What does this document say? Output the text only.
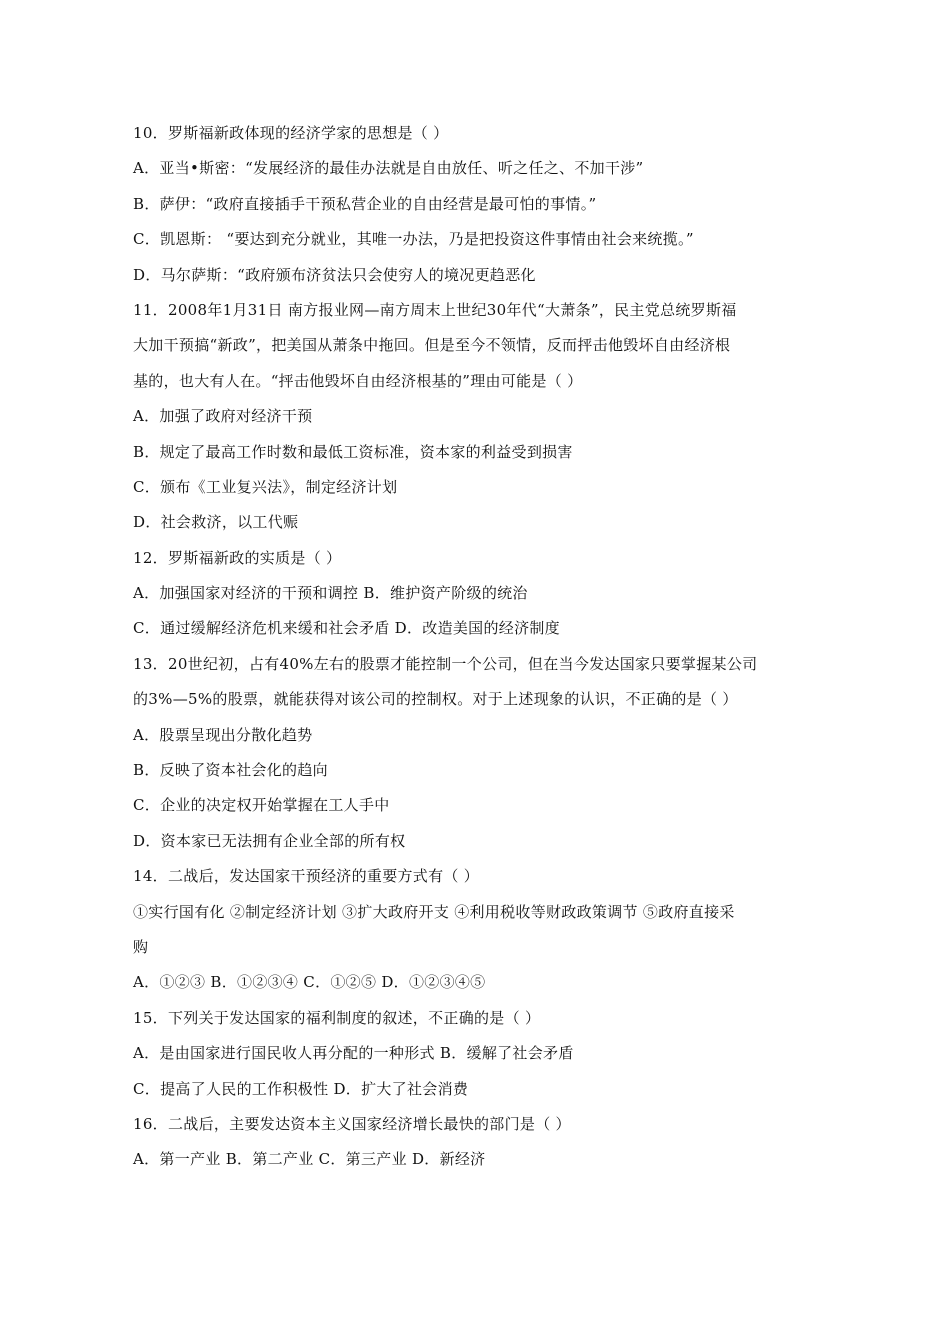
10．罗斯福新政体现的经济学家的思想是（ ）

A．亚当•斯密：“发展经济的最佳办法就是自由放任、听之任之、不加干涉”

B．萨伊：“政府直接插手干预私营企业的自由经营是最可怕的事情。”

C．凯恩斯： “要达到充分就业，其唯一办法，乃是把投资这件事情由社会来统揽。”

D．马尔萨斯：“政府颁布济贫法只会使穷人的境况更趋恶化

11．2008年1月31日 南方报业网—南方周末上世纪30年代“大萧条”，民主党总统罗斯福

大加干预搞“新政”，把美国从萧条中拖回。但是至今不领情，反而抨击他毁坏自由经济根

基的，也大有人在。“抨击他毁坏自由经济根基的”理由可能是（ ）

A．加强了政府对经济干预

B．规定了最高工作时数和最低工资标准，资本家的利益受到损害

C．颁布《工业复兴法》，制定经济计划

D．社会救济，以工代赈

12．罗斯福新政的实质是（ ）

A．加强国家对经济的干预和调控 B．维护资产阶级的统治

C．通过缓解经济危机来缓和社会矛盾 D．改造美国的经济制度

13．20世纪初，占有40%左右的股票才能控制一个公司，但在当今发达国家只要掌握某公司

的3%—5%的股票，就能获得对该公司的控制权。对于上述现象的认识，不正确的是（ ）

A．股票呈现出分散化趋势

B．反映了资本社会化的趋向

C．企业的决定权开始掌握在工人手中

D．资本家已无法拥有企业全部的所有权

14．二战后，发达国家干预经济的重要方式有（ ）

①实行国有化 ②制定经济计划 ③扩大政府开支 ④利用税收等财政政策调节 ⑤政府直接采

购

A．①②③ B．①②③④ C．①②⑤ D．①②③④⑤

15．下列关于发达国家的福利制度的叙述，不正确的是（ ）

A．是由国家进行国民收人再分配的一种形式 B．缓解了社会矛盾

C．提高了人民的工作积极性 D．扩大了社会消费

16．二战后，主要发达资本主义国家经济增长最快的部门是（ ）

A．第一产业 B．第二产业 C．第三产业 D．新经济
